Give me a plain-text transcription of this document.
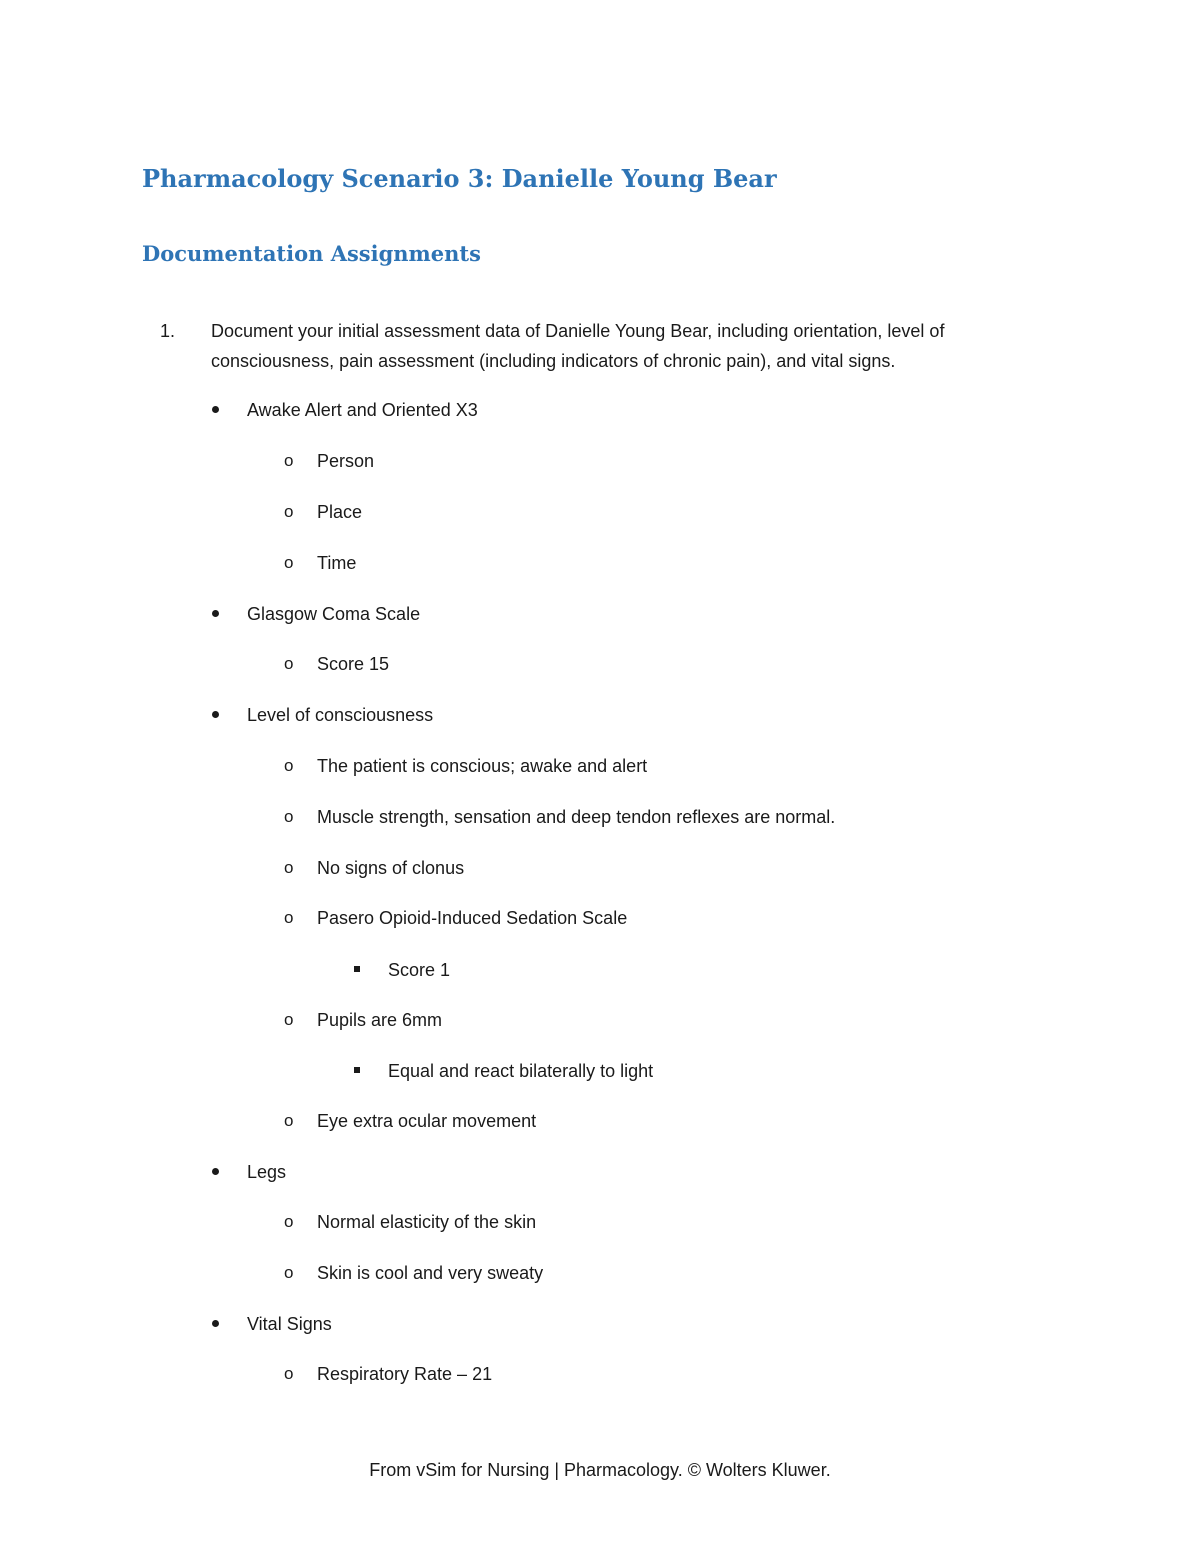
Pharmacology Scenario 3: Danielle Young Bear
Documentation Assignments
1. Document your initial assessment data of Danielle Young Bear, including orientation, level of
consciousness, pain assessment (including indicators of chronic pain), and vital signs.
Awake Alert and Oriented X3
o Person
o Place
o Time
Glasgow Coma Scale
o Score 15
Level of consciousness
o The patient is conscious; awake and alert
o Muscle strength, sensation and deep tendon reflexes are normal.
o No signs of clonus
o Pasero Opioid-Induced Sedation Scale
Score 1
o Pupils are 6mm
Equal and react bilaterally to light
o Eye extra ocular movement
Legs
o Normal elasticity of the skin
o Skin is cool and very sweaty
Vital Signs
o Respiratory Rate – 21
From vSim for Nursing | Pharmacology. © Wolters Kluwer.
